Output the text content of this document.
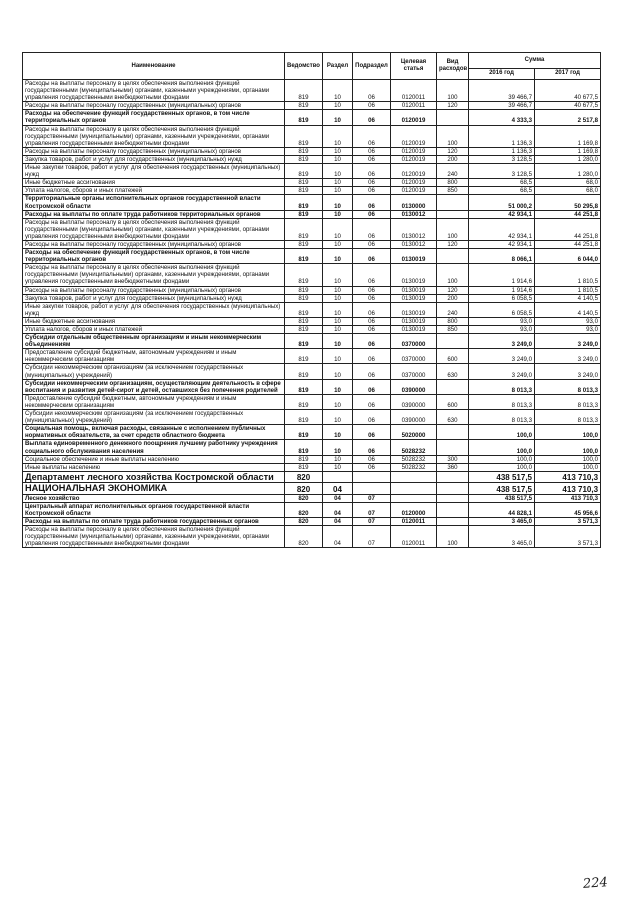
Наименование	Ведомство	Раздел	Подраздел	Целевая статья	Вид расходов	Сумма	
						2016 год	2017 год
Расходы на выплаты персоналу в целях обеспечения выполнения функций государственными (муниципальными) органами, казенными учреждениями, органами управления государственными внебюджетными фондами	819	10	06	0120011	100	39 466,7	40 677,5
Расходы на выплаты персоналу государственных (муниципальных) органов	819	10	06	0120011	120	39 466,7	40 677,5
Расходы на обеспечение функций государственных органов, в том числе территориальных органов	819	10	06	0120019		4 333,3	2 517,8
Расходы на выплаты персоналу в целях обеспечения выполнения функций государственными (муниципальными) органами, казенными учреждениями, органами управления государственными внебюджетными фондами	819	10	06	0120019	100	1 136,3	1 169,8
Расходы на выплаты персоналу государственных (муниципальных) органов	819	10	06	0120019	120	1 136,3	1 169,8
Закупка товаров, работ и услуг для государственных (муниципальных) нужд	819	10	06	0120019	200	3 128,5	1 280,0
Иные закупки товаров, работ и услуг для обеспечения государственных (муниципальных) нужд	819	10	06	0120019	240	3 128,5	1 280,0
Иные бюджетные ассигнования	819	10	06	0120019	800	68,5	68,0
Уплата налогов, сборов и иных платежей	819	10	06	0120019	850	68,5	68,0
Территориальные органы исполнительных органов государственной власти Костромской области	819	10	06	0130000		51 000,2	50 295,8
Расходы на выплаты по оплате труда работников территориальных органов	819	10	06	0130012		42 934,1	44 251,8
Расходы на выплаты персоналу в целях обеспечения выполнения функций государственными (муниципальными) органами, казенными учреждениями, органами управления государственными внебюджетными фондами	819	10	06	0130012	100	42 934,1	44 251,8
Расходы на выплаты персоналу государственных (муниципальных) органов	819	10	06	0130012	120	42 934,1	44 251,8
Расходы на обеспечение функций государственных органов, в том числе территориальных органов	819	10	06	0130019		8 066,1	6 044,0
Расходы на выплаты персоналу в целях обеспечения выполнения функций государственными (муниципальными) органами, казенными учреждениями, органами управления государственными внебюджетными фондами	819	10	06	0130019	100	1 914,6	1 810,5
Расходы на выплаты персоналу государственных (муниципальных) органов	819	10	06	0130019	120	1 914,6	1 810,5
Закупка товаров, работ и услуг для государственных (муниципальных) нужд	819	10	06	0130019	200	6 058,5	4 140,5
Иные закупки товаров, работ и услуг для обеспечения государственных (муниципальных) нужд	819	10	06	0130019	240	6 058,5	4 140,5
Иные бюджетные ассигнования	819	10	06	0130019	800	93,0	93,0
Уплата налогов, сборов и иных платежей	819	10	06	0130019	850	93,0	93,0
Субсидии отдельным общественным организациям и иным некоммерческим объединениям	819	10	06	0370000		3 249,0	3 249,0
Предоставление субсидий бюджетным, автономным учреждениям и иным некоммерческим организациям	819	10	06	0370000	600	3 249,0	3 249,0
Субсидии некоммерческим организациям (за исключением государственных (муниципальных) учреждений)	819	10	06	0370000	630	3 249,0	3 249,0
Субсидии некоммерческим организациям, осуществляющим деятельность в сфере воспитания и развития детей-сирот и детей, оставшихся без попечения родителей	819	10	06	0390000		8 013,3	8 013,3
Предоставление субсидий бюджетным, автономным учреждениям и иным некоммерческим организациям	819	10	06	0390000	600	8 013,3	8 013,3
Субсидии некоммерческим организациям (за исключением государственных (муниципальных) учреждений)	819	10	06	0390000	630	8 013,3	8 013,3
Социальная помощь, включая расходы, связанные с исполнением публичных нормативных обязательств, за счет средств областного бюджета	819	10	06	5020000		100,0	100,0
Выплата единовременного денежного поощрения лучшему работнику учреждения социального обслуживания населения	819	10	06	5028232		100,0	100,0
Социальное обеспечение и иные выплаты населению	819	10	06	5028232	300	100,0	100,0
Иные выплаты населению	819	10	06	5028232	360	100,0	100,0
Департамент лесного хозяйства Костромской области	820					438 517,5	413 710,3
НАЦИОНАЛЬНАЯ ЭКОНОМИКА	820	04				438 517,5	413 710,3
Лесное хозяйство	820	04	07			438 517,5	413 710,3
Центральный аппарат исполнительных органов государственной власти Костромской области	820	04	07	0120000		44 828,1	45 956,6
Расходы на выплаты по оплате труда работников государственных органов	820	04	07	0120011		3 465,0	3 571,3
Расходы на выплаты персоналу в целях обеспечения выполнения функций государственными (муниципальными) органами, казенными учреждениями, органами управления государственными внебюджетными фондами	820	04	07	0120011	100	3 465,0	3 571,3
224
